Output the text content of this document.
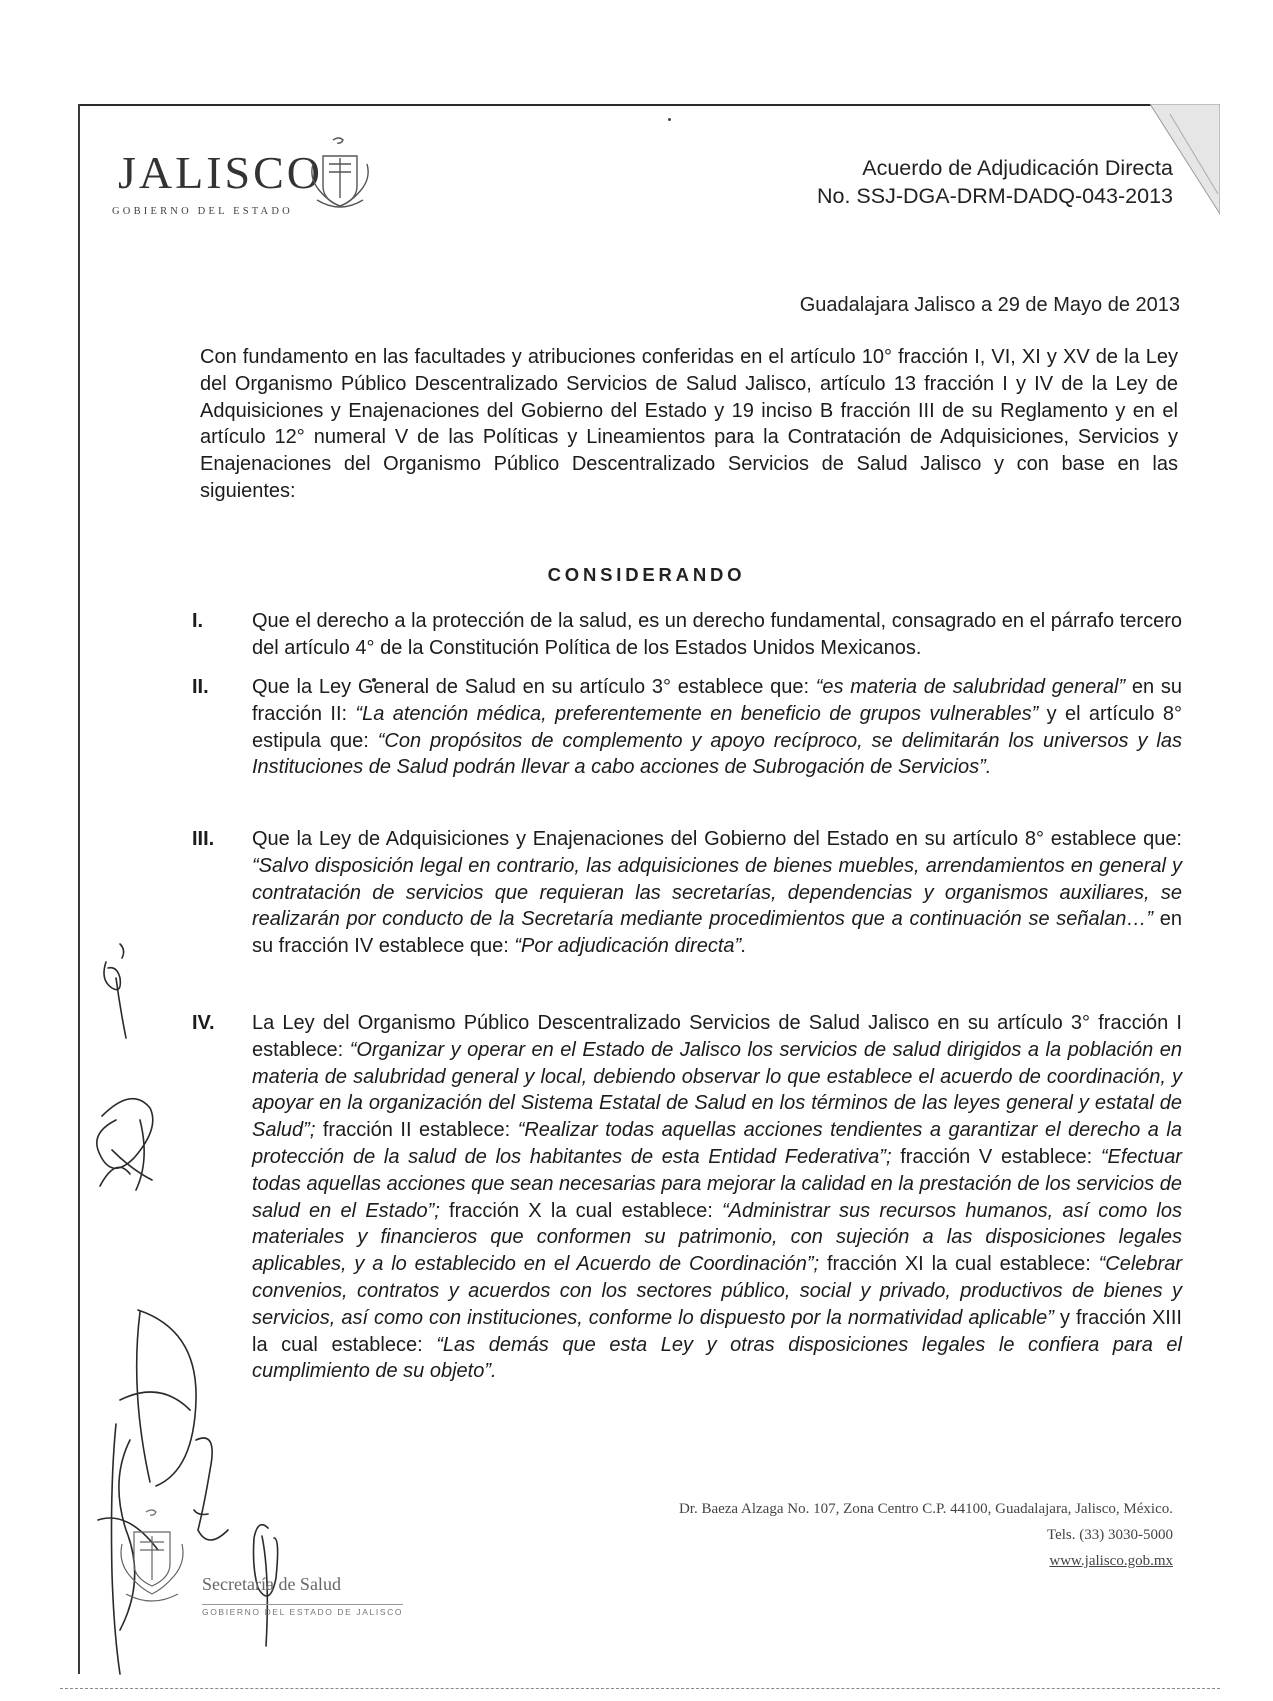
JALISCO
GOBIERNO DEL ESTADO
Acuerdo de Adjudicación Directa
No. SSJ-DGA-DRM-DADQ-043-2013
Guadalajara Jalisco a 29 de Mayo de 2013
Con fundamento en las facultades y atribuciones conferidas en el artículo 10° fracción I, VI, XI y XV de la Ley del Organismo Público Descentralizado Servicios de Salud Jalisco, artículo 13 fracción I y IV de la Ley de Adquisiciones y Enajenaciones del Gobierno del Estado y 19 inciso B fracción III de su Reglamento y en el artículo 12° numeral V de las Políticas y Lineamientos para la Contratación de Adquisiciones, Servicios y Enajenaciones del Organismo Público Descentralizado Servicios de Salud Jalisco y con base en las siguientes:
CONSIDERANDO
I. Que el derecho a la protección de la salud, es un derecho fundamental, consagrado en el párrafo tercero del artículo 4° de la Constitución Política de los Estados Unidos Mexicanos.
II. Que la Ley General de Salud en su artículo 3° establece que: “es materia de salubridad general” en su fracción II: “La atención médica, preferentemente en beneficio de grupos vulnerables” y el artículo 8° estipula que: “Con propósitos de complemento y apoyo recíproco, se delimitarán los universos y las Instituciones de Salud podrán llevar a cabo acciones de Subrogación de Servicios”.
III. Que la Ley de Adquisiciones y Enajenaciones del Gobierno del Estado en su artículo 8° establece que: “Salvo disposición legal en contrario, las adquisiciones de bienes muebles, arrendamientos en general y contratación de servicios que requieran las secretarías, dependencias y organismos auxiliares, se realizarán por conducto de la Secretaría mediante procedimientos que a continuación se señalan…” en su fracción IV establece que: “Por adjudicación directa”.
IV. La Ley del Organismo Público Descentralizado Servicios de Salud Jalisco en su artículo 3° fracción I establece: “Organizar y operar en el Estado de Jalisco los servicios de salud dirigidos a la población en materia de salubridad general y local, debiendo observar lo que establece el acuerdo de coordinación, y apoyar en la organización del Sistema Estatal de Salud en los términos de las leyes general y estatal de Salud”; fracción II establece: “Realizar todas aquellas acciones tendientes a garantizar el derecho a la protección de la salud de los habitantes de esta Entidad Federativa”; fracción V establece: “Efectuar todas aquellas acciones que sean necesarias para mejorar la calidad en la prestación de los servicios de salud en el Estado”; fracción X la cual establece: “Administrar sus recursos humanos, así como los materiales y financieros que conformen su patrimonio, con sujeción a las disposiciones legales aplicables, y a lo establecido en el Acuerdo de Coordinación”; fracción XI la cual establece: “Celebrar convenios, contratos y acuerdos con los sectores público, social y privado, productivos de bienes y servicios, así como con instituciones, conforme lo dispuesto por la normatividad aplicable” y fracción XIII la cual establece: “Las demás que esta Ley y otras disposiciones legales le confiera para el cumplimiento de su objeto”.
Secretaría de Salud
GOBIERNO DEL ESTADO DE JALISCO
Dr. Baeza Alzaga No. 107, Zona Centro C.P. 44100, Guadalajara, Jalisco, México.
Tels. (33) 3030-5000
www.jalisco.gob.mx
